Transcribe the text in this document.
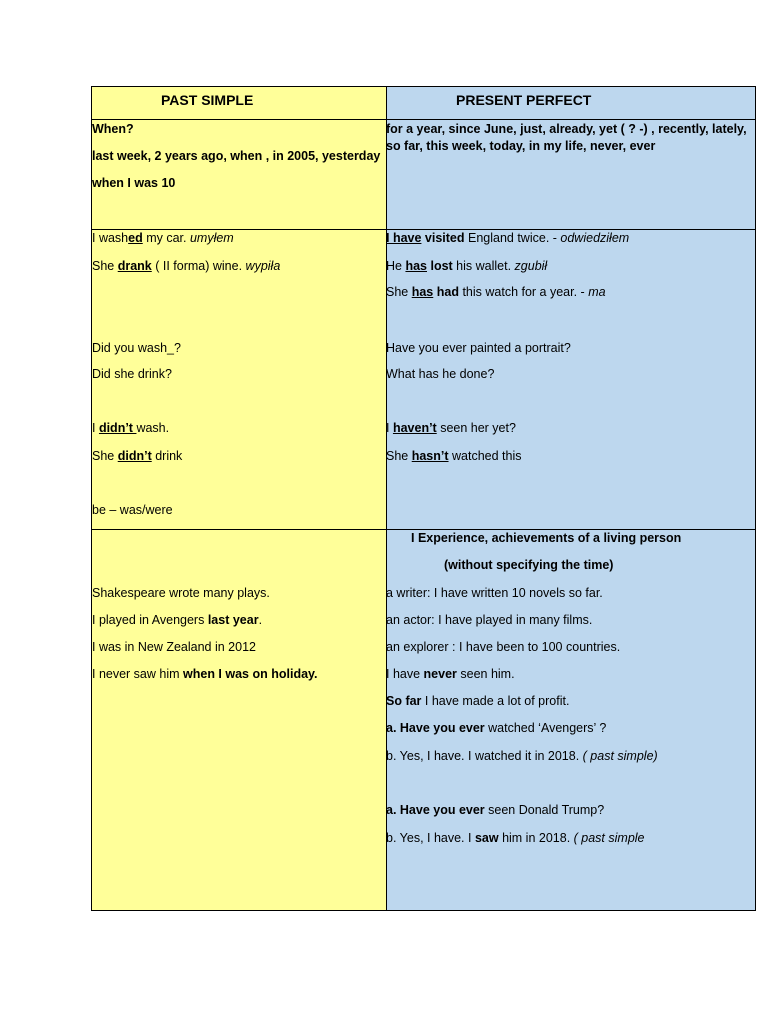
PAST SIMPLE	PRESENT PERFECT
When?
last week, 2 years ago, when , in 2005, yesterday
when I was 10
for a year, since June, just, already, yet ( ? -) , recently, lately, so far, this week, today, in my life, never, ever
I washed my car. umyłem
She drank ( II forma) wine. wypiła
Did you wash_?
Did she drink?
I didn’t wash.
She didn’t drink
be – was/were
I have visited England twice. - odwiedziłem
He has lost his wallet. zgubił
She has had this watch for a year. - ma
Have you ever painted a portrait?
What has he done?
I haven’t seen her yet?
She hasn’t watched this
Shakespeare wrote many plays.
I played in Avengers last year.
I was in New Zealand in 2012
I never saw him when I was on holiday.
I Experience, achievements of a living person
(without specifying the time)
a writer: I have written 10 novels so far.
an actor: I have played in many films.
an explorer : I have been to 100 countries.
I have never seen him.
So far I have made a lot of profit.
a. Have you ever watched ‘Avengers’ ?
b. Yes, I have. I watched it in 2018. ( past simple)
a. Have you ever seen Donald Trump?
b. Yes, I have. I saw him in 2018. ( past simple
